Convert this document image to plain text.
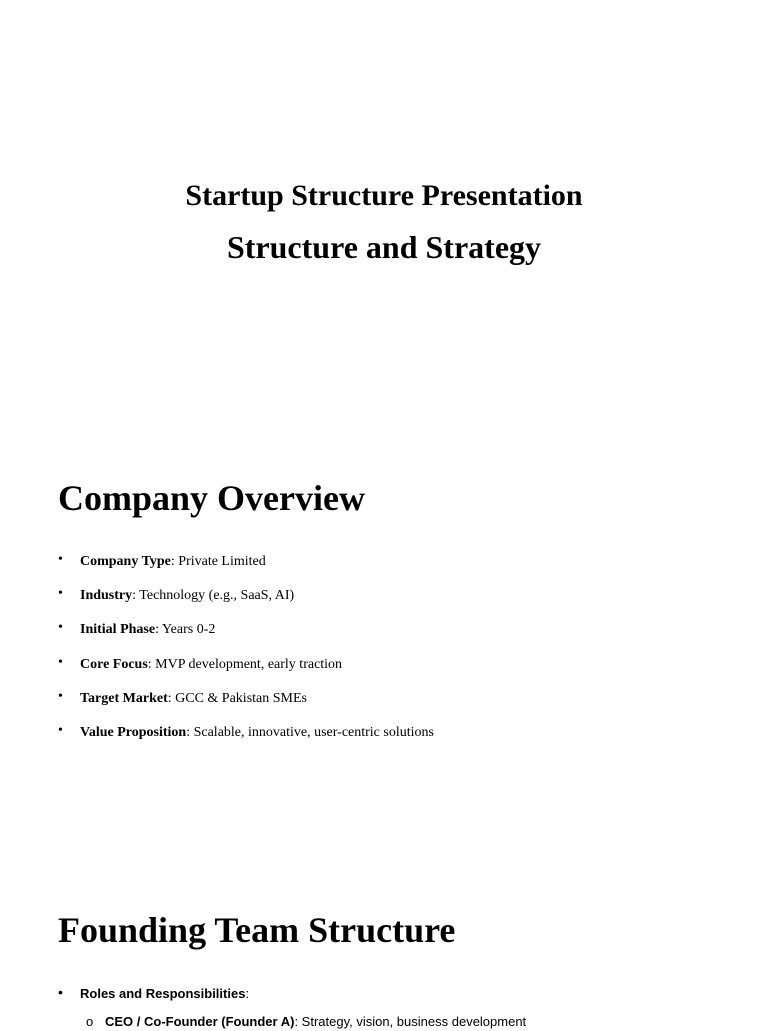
Startup Structure Presentation
Structure and Strategy
Company Overview
• Company Type: Private Limited
• Industry: Technology (e.g., SaaS, AI)
• Initial Phase: Years 0-2
• Core Focus: MVP development, early traction
• Target Market: GCC & Pakistan SMEs
• Value Proposition: Scalable, innovative, user-centric solutions
Founding Team Structure
• Roles and Responsibilities:
o CEO / Co-Founder (Founder A): Strategy, vision, business development
